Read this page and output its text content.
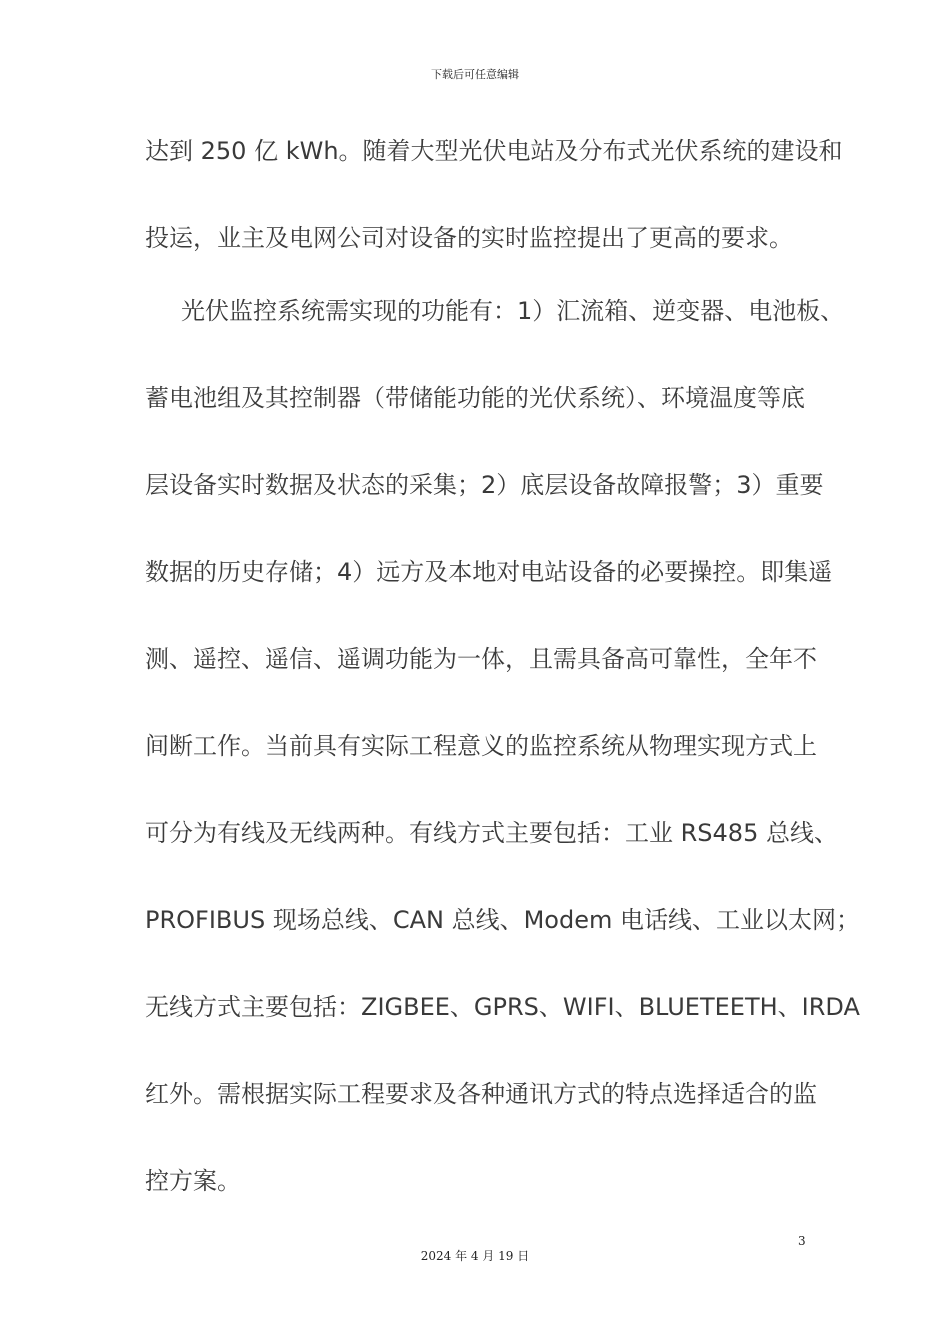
下载后可任意编辑
达到 250 亿 kWh。随着大型光伏电站及分布式光伏系统的建设和
投运，业主及电网公司对设备的实时监控提出了更高的要求。
光伏监控系统需实现的功能有：1）汇流箱、逆变器、电池板、
蓄电池组及其控制器（带储能功能的光伏系统）、环境温度等底
层设备实时数据及状态的采集；2）底层设备故障报警；3）重要
数据的历史存储；4）远方及本地对电站设备的必要操控。即集遥
测、遥控、遥信、遥调功能为一体，且需具备高可靠性，全年不
间断工作。当前具有实际工程意义的监控系统从物理实现方式上
可分为有线及无线两种。有线方式主要包括：工业 RS485 总线、
PROFIBUS 现场总线、CAN 总线、Modem 电话线、工业以太网；
无线方式主要包括：ZIGBEE、GPRS、WIFI、BLUETEETH、IRDA
红外。需根据实际工程要求及各种通讯方式的特点选择适合的监
控方案。
3
2024 年 4 月 19 日
